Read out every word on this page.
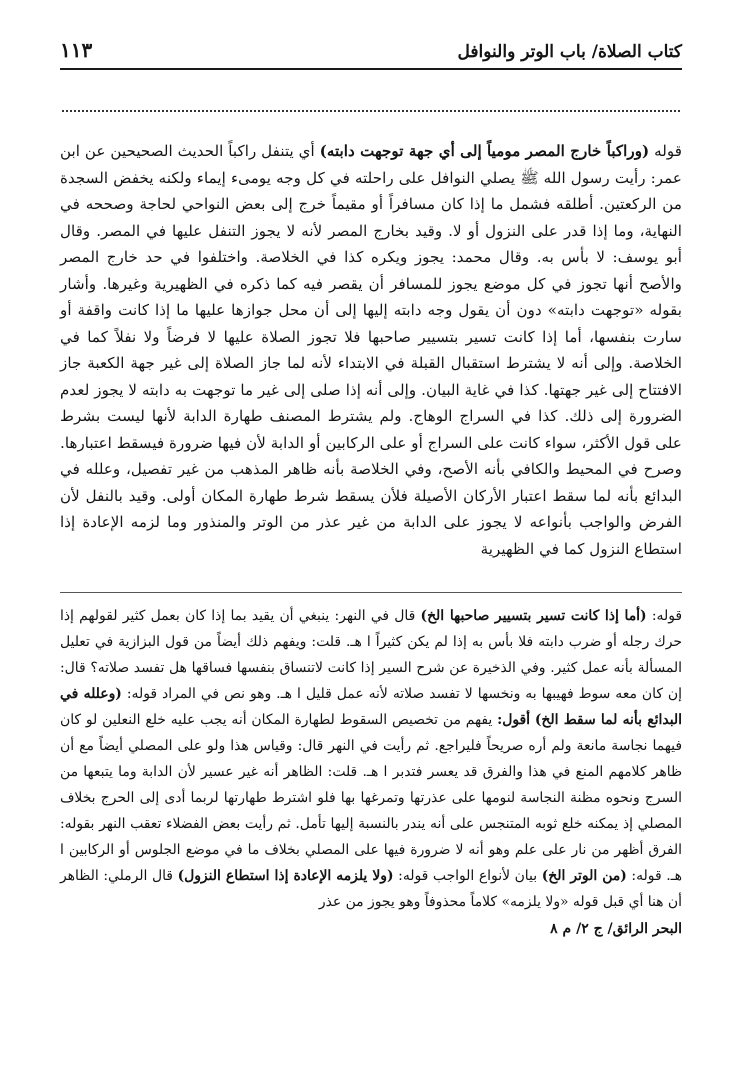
كتاب الصلاة/ باب الوتر والنوافل
١١٣
قوله (وراكباً خارج المصر مومياً إلى أي جهة توجهت دابته) أي يتنفل راكباً الحديث الصحيحين عن ابن عمر: رأيت رسول الله ﷺ يصلي النوافل على راحلته في كل وجه يومىء إيماء ولكنه يخفض السجدة من الركعتين. أطلقه فشمل ما إذا كان مسافراً أو مقيماً خرج إلى بعض النواحي لحاجة وصححه في النهاية، وما إذا قدر على النزول أو لا. وقيد بخارج المصر لأنه لا يجوز التنفل عليها في المصر. وقال أبو يوسف: لا بأس به. وقال محمد: يجوز ويكره كذا في الخلاصة. واختلفوا في حد خارج المصر والأصح أنها تجوز في كل موضع يجوز للمسافر أن يقصر فيه كما ذكره في الظهيرية وغيرها. وأشار بقوله «توجهت دابته» دون أن يقول وجه دابته إليها إلى أن محل جوازها عليها ما إذا كانت واقفة أو سارت بنفسها، أما إذا كانت تسير بتسيير صاحبها فلا تجوز الصلاة عليها لا فرضاً ولا نفلاً كما في الخلاصة. وإلى أنه لا يشترط استقبال القبلة في الابتداء لأنه لما جاز الصلاة إلى غير جهة الكعبة جاز الافتتاح إلى غير جهتها. كذا في غاية البيان. وإلى أنه إذا صلى إلى غير ما توجهت به دابته لا يجوز لعدم الضرورة إلى ذلك. كذا في السراج الوهاج. ولم يشترط المصنف طهارة الدابة لأنها ليست بشرط على قول الأكثر، سواء كانت على السراج أو على الركابين أو الدابة لأن فيها ضرورة فيسقط اعتبارها. وصرح في المحيط والكافي بأنه الأصح، وفي الخلاصة بأنه ظاهر المذهب من غير تفصيل، وعلله في البدائع بأنه لما سقط اعتبار الأركان الأصيلة فلأن يسقط شرط طهارة المكان أولى. وقيد بالنفل لأن الفرض والواجب بأنواعه لا يجوز على الدابة من غير عذر من الوتر والمنذور وما لزمه الإعادة إذا استطاع النزول كما في الظهيرية
قوله: (أما إذا كانت تسير بتسيير صاحبها الخ) قال في النهر: ينبغي أن يقيد بما إذا كان بعمل كثير لقولهم إذا حرك رجله أو ضرب دابته فلا بأس به إذا لم يكن كثيراً ا هـ. قلت: ويفهم ذلك أيضاً من قول البزازية في تعليل المسألة بأنه عمل كثير. وفي الذخيرة عن شرح السير إذا كانت لاتنساق بنفسها فساقها هل تفسد صلاته؟ قال: إن كان معه سوط فهيبها به ونخسها لا تفسد صلاته لأنه عمل قليل ا هـ. وهو نص في المراد قوله: (وعلله في البدائع بأنه لما سقط الخ) أقول: يفهم من تخصيص السقوط لطهارة المكان أنه يجب عليه خلع النعلين لو كان فيهما نجاسة مانعة ولم أره صريحاً فليراجع. ثم رأيت في النهر قال: وقياس هذا ولو على المصلي أيضاً مع أن ظاهر كلامهم المنع في هذا والفرق قد يعسر فتدبر ا هـ. قلت: الظاهر أنه غير عسير لأن الدابة وما يتبعها من السرج ونحوه مظنة النجاسة لنومها على عذرتها وتمرغها بها فلو اشترط طهارتها لربما أدى إلى الحرج بخلاف المصلي إذ يمكنه خلع ثوبه المتنجس على أنه يندر بالنسبة إليها تأمل. ثم رأيت بعض الفضلاء تعقب النهر بقوله: الفرق أظهر من نار على علم وهو أنه لا ضرورة فيها على المصلي بخلاف ما في موضع الجلوس أو الركابين ا هـ. قوله: (من الوتر الخ) بيان لأنواع الواجب قوله: (ولا يلزمه الإعادة إذا استطاع النزول) قال الرملي: الظاهر أن هنا أي قبل قوله «ولا يلزمه» كلاماً محذوفاً وهو يجوز من عذر
البحر الرائق/ ج ٢/ م ٨
